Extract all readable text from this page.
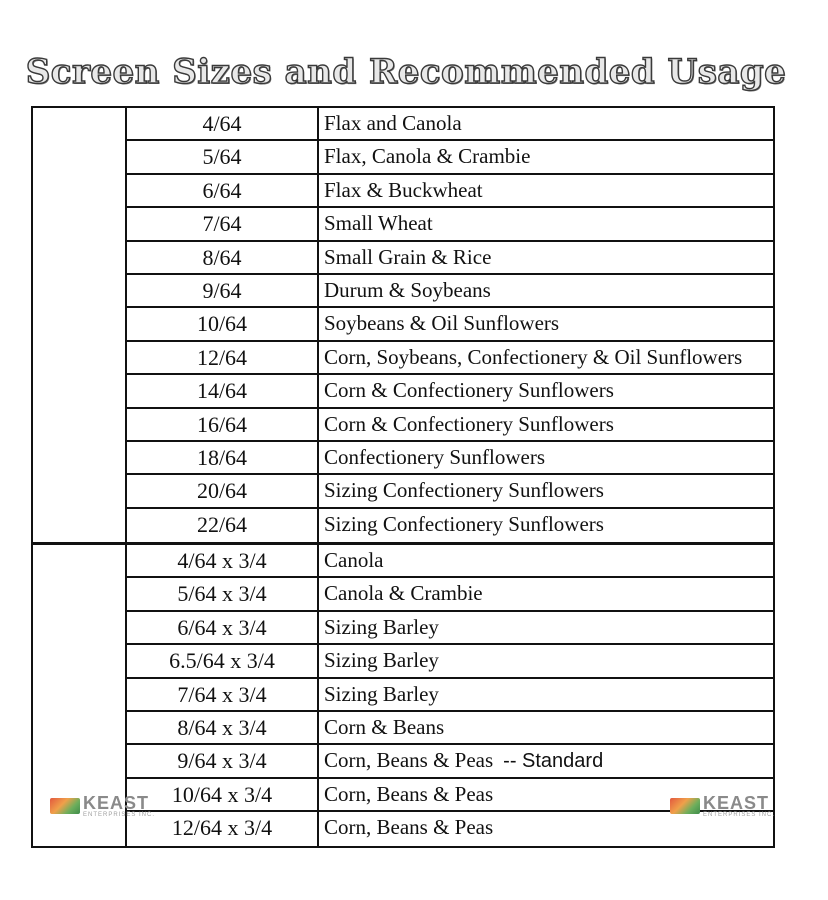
Screen Sizes and Recommended Usage
4/64	Flax and Canola
5/64	Flax, Canola & Crambie
6/64	Flax & Buckwheat
7/64	Small Wheat
8/64	Small Grain & Rice
9/64	Durum & Soybeans
10/64	Soybeans & Oil Sunflowers
12/64	Corn, Soybeans, Confectionery & Oil Sunflowers
14/64	Corn & Confectionery Sunflowers
16/64	Corn & Confectionery Sunflowers
18/64	Confectionery Sunflowers
20/64	Sizing Confectionery Sunflowers
22/64	Sizing Confectionery Sunflowers
4/64 x 3/4	Canola
5/64 x 3/4	Canola & Crambie
6/64 x 3/4	Sizing Barley
6.5/64 x 3/4	Sizing Barley
7/64 x 3/4	Sizing Barley
8/64 x 3/4	Corn & Beans
9/64 x 3/4	Corn, Beans & Peas -- Standard
10/64 x 3/4	Corn, Beans & Peas
12/64 x 3/4	Corn, Beans & Peas
KEAST
ENTERPRISES INC.
KEAST
ENTERPRISES INC.
